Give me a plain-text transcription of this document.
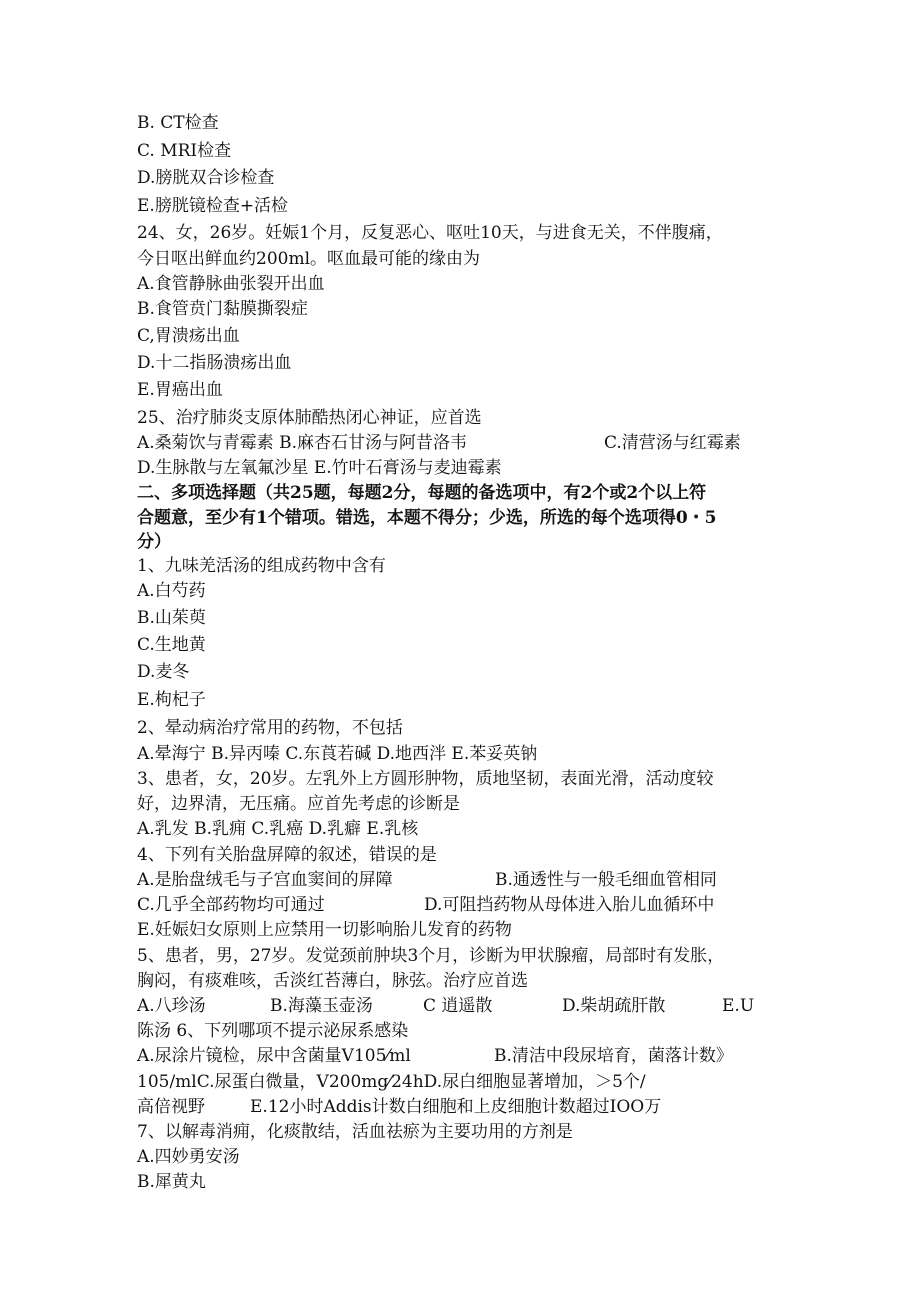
B. CT检查
C. MRI检查
D.膀胱双合诊检查
E.膀胱镜检查+活检
24、女，26岁。妊娠1个月，反复恶心、呕吐10天，与进食无关，不伴腹痛，
今日呕出鲜血约200ml。呕血最可能的缘由为
A.食管静脉曲张裂开出血
B.食管贲门黏膜撕裂症
C,胃溃疡出血
D.十二指肠溃疡出血
E.胃癌出血
25、治疗肺炎支原体肺酷热闭心神证，应首选
A.桑菊饮与青霉素 B.麻杏石甘汤与阿昔洛韦	C.清营汤与红霉素
D.生脉散与左氧氟沙星 E.竹叶石膏汤与麦迪霉素
二、多项选择题（共25题，每题2分，每题的备选项中，有2个或2个以上符
合题意，至少有1个错项。错选，本题不得分；少选，所选的每个选项得0・5
分）
1、九味羌活汤的组成药物中含有
A.白芍药
B.山茱萸
C.生地黄
D.麦冬
E.枸杞子
2、晕动病治疗常用的药物，不包括
A.晕海宁 B.异丙嗪 C.东莨若碱 D.地西泮 E.苯妥英钠
3、患者，女，20岁。左乳外上方圆形肿物，质地坚韧，表面光滑，活动度较
好，边界清，无压痛。应首先考虑的诊断是
A.乳发 B.乳痈 C.乳癌 D.乳癖 E.乳核
4、下列有关胎盘屏障的叙述，错误的是
A.是胎盘绒毛与子宫血窦间的屏障	B.通透性与一般毛细血管相同
C.几乎全部药物均可通过	D.可阻挡药物从母体进入胎儿血循环中
E.妊娠妇女原则上应禁用一切影响胎儿发育的药物
5、患者，男，27岁。发觉颈前肿块3个月，诊断为甲状腺瘤，局部时有发胀，
胸闷，有痰难咳，舌淡红苔薄白，脉弦。治疗应首选
A.八珍汤	B.海藻玉壶汤	C 逍遥散	D.柴胡疏肝散	E.U
陈汤 6、下列哪项不提示泌尿系感染
A.尿涂片镜检，尿中含菌量V105⁄ml	B.清洁中段尿培育，菌落计数》
105/mlC.尿蛋白微量，V200mg⁄24hD.尿白细胞显著增加，＞5个/
高倍视野	E.12小时Addis计数白细胞和上皮细胞计数超过IOO万
7、以解毒消痈，化痰散结，活血祛瘀为主要功用的方剂是
A.四妙勇安汤
B.犀黄丸
